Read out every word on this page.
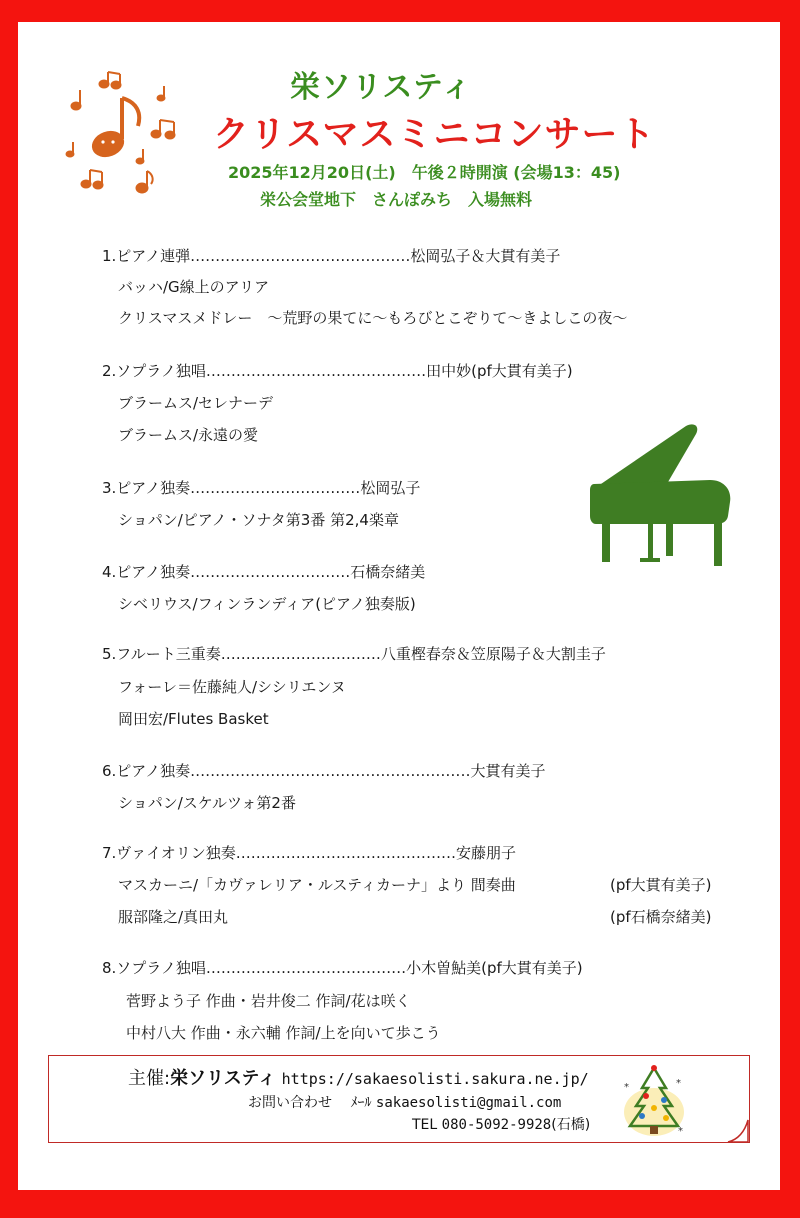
栄ソリスティ
クリスマスミニコンサート
2025年12月20日(土)　午後２時開演 (会場13：45)
栄公会堂地下　さんぽみち　入場無料
1.ピアノ連弾‥‥‥‥‥‥‥‥‥‥‥‥‥‥‥‥‥‥‥‥‥‥松岡弘子＆大貫有美子
バッハ/G線上のアリア
クリスマスメドレー　～荒野の果てに～もろびとこぞりて～きよしこの夜～
2.ソプラノ独唱‥‥‥‥‥‥‥‥‥‥‥‥‥‥‥‥‥‥‥‥‥‥田中妙(pf大貫有美子)
ブラームス/セレナーデ
ブラームス/永遠の愛
3.ピアノ独奏‥‥‥‥‥‥‥‥‥‥‥‥‥‥‥‥‥松岡弘子
ショパン/ピアノ・ソナタ第3番 第2,4楽章
4.ピアノ独奏‥‥‥‥‥‥‥‥‥‥‥‥‥‥‥‥石橋奈緒美
シベリウス/フィンランディア(ピアノ独奏版)
5.フルート三重奏‥‥‥‥‥‥‥‥‥‥‥‥‥‥‥‥八重樫春奈＆笠原陽子＆大割圭子
フォーレ＝佐藤純人/シシリエンヌ
岡田宏/Flutes Basket
6.ピアノ独奏‥‥‥‥‥‥‥‥‥‥‥‥‥‥‥‥‥‥‥‥‥‥‥‥‥‥‥‥大貫有美子
ショパン/スケルツォ第2番
7.ヴァイオリン独奏‥‥‥‥‥‥‥‥‥‥‥‥‥‥‥‥‥‥‥‥‥‥安藤朋子
マスカーニ/「カヴァレリア・ルスティカーナ」より 間奏曲	(pf大貫有美子)
服部隆之/真田丸	(pf石橋奈緒美)
8.ソプラノ独唱‥‥‥‥‥‥‥‥‥‥‥‥‥‥‥‥‥‥‥‥小木曽鮎美(pf大貫有美子)
菅野よう子 作曲・岩井俊二 作詞/花は咲く
中村八大 作曲・永六輔 作詞/上を向いて歩こう
主催:栄ソリスティ https://sakaesolisti.sakura.ne.jp/
お問い合わせ　 ﾒｰﾙ sakaesolisti@gmail.com
TEL 080-5092-9928(石橋)
*	*
*
